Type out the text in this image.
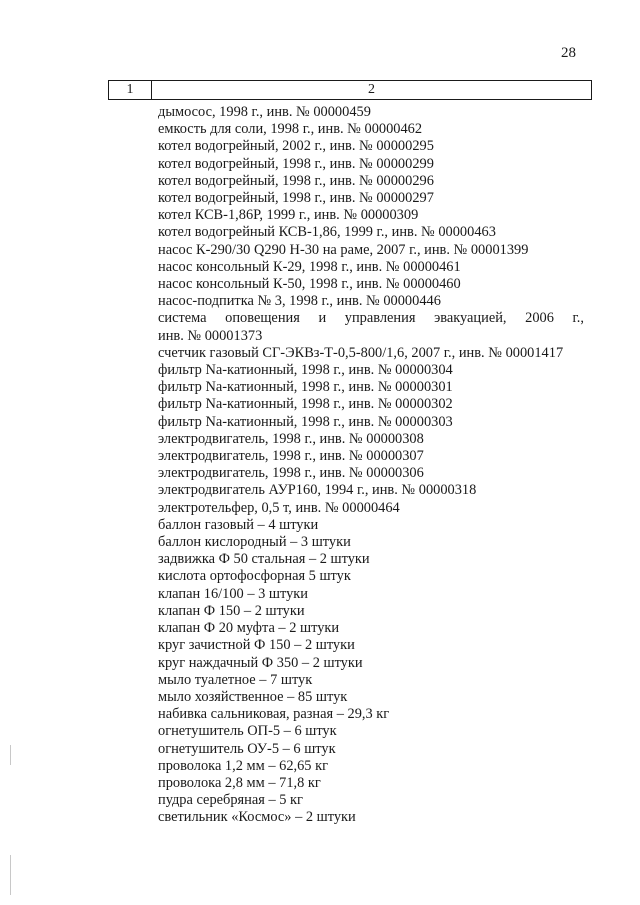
28
1	2
дымосос, 1998 г., инв. № 00000459
емкость для соли, 1998 г., инв. № 00000462
котел водогрейный, 2002 г., инв. № 00000295
котел водогрейный, 1998 г., инв. № 00000299
котел водогрейный, 1998 г., инв. № 00000296
котел водогрейный, 1998 г., инв. № 00000297
котел КСВ-1,86Р, 1999 г., инв. № 00000309
котел водогрейный КСВ-1,86, 1999 г., инв. № 00000463
насос К-290/30 Q290 Н-30 на раме, 2007 г., инв. № 00001399
насос консольный К-29, 1998 г., инв. № 00000461
насос консольный К-50, 1998 г., инв. № 00000460
насос-подпитка № 3, 1998 г., инв. № 00000446
система оповещения и управления эвакуацией, 2006 г.,
инв. № 00001373
счетчик газовый СГ-ЭКВз-Т-0,5-800/1,6, 2007 г., инв. № 00001417
фильтр Na-катионный, 1998 г., инв. № 00000304
фильтр Na-катионный, 1998 г., инв. № 00000301
фильтр Na-катионный, 1998 г., инв. № 00000302
фильтр Na-катионный, 1998 г., инв. № 00000303
электродвигатель, 1998 г., инв. № 00000308
электродвигатель, 1998 г., инв. № 00000307
электродвигатель, 1998 г., инв. № 00000306
электродвигатель АУР160, 1994 г., инв. № 00000318
электротельфер, 0,5 т, инв. № 00000464
баллон газовый – 4 штуки
баллон кислородный – 3 штуки
задвижка Ф 50 стальная – 2 штуки
кислота ортофосфорная 5 штук
клапан 16/100 – 3 штуки
клапан Ф 150 – 2 штуки
клапан Ф 20 муфта – 2 штуки
круг зачистной Ф 150 – 2 штуки
круг наждачный Ф 350 – 2 штуки
мыло туалетное – 7 штук
мыло хозяйственное – 85 штук
набивка сальниковая, разная – 29,3 кг
огнетушитель ОП-5 – 6 штук
огнетушитель ОУ-5 – 6 штук
проволока 1,2 мм – 62,65 кг
проволока 2,8 мм – 71,8 кг
пудра серебряная – 5 кг
светильник «Космос» – 2 штуки
